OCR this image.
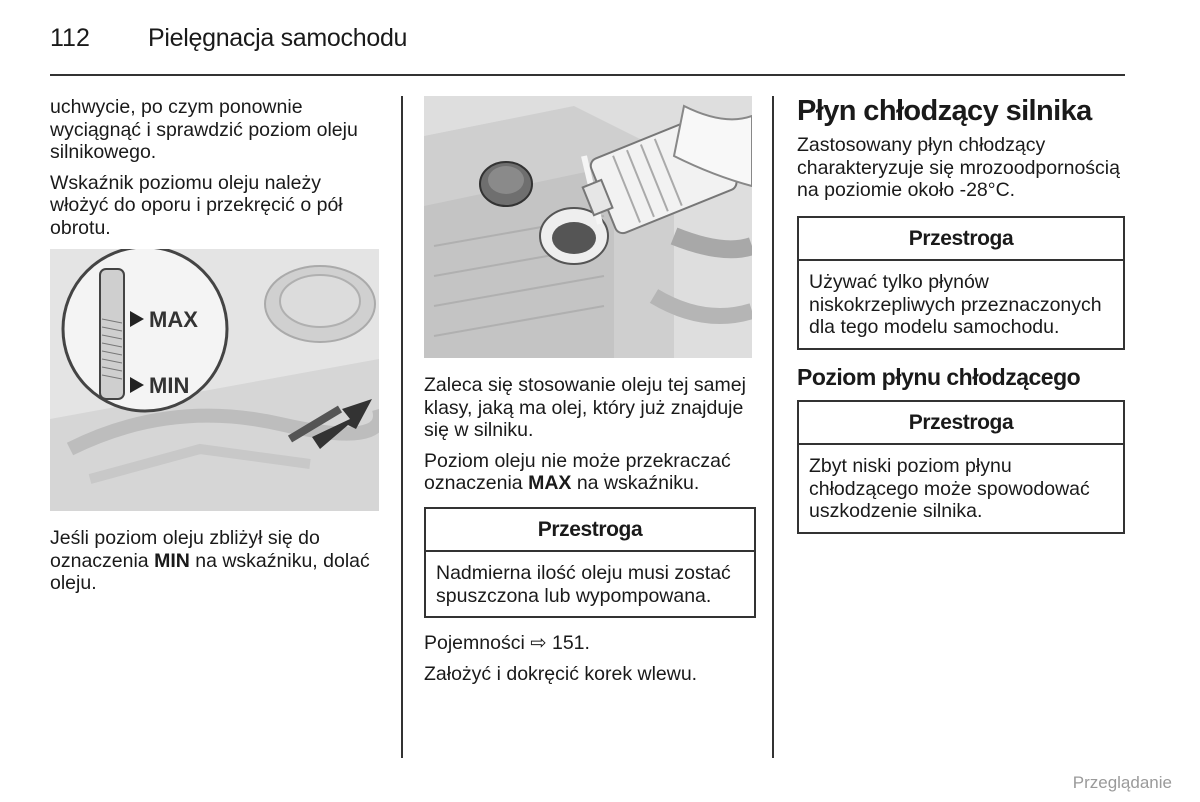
112 Pielęgnacja samochodu

uchwycie, po czym ponownie wyciągnąć i sprawdzić poziom oleju silnikowego.

Wskaźnik poziomu oleju należy włożyć do oporu i przekręcić o pół obrotu.

MAX
MIN

Jeśli poziom oleju zbliżył się do oznaczenia MIN na wskaźniku, dolać oleju.

Zaleca się stosowanie oleju tej samej klasy, jaką ma olej, który już znajduje się w silniku.

Poziom oleju nie może przekraczać oznaczenia MAX na wskaźniku.

Przestroga
Nadmierna ilość oleju musi zostać spuszczona lub wypompowana.

Pojemności ⇨ 151.

Założyć i dokręcić korek wlewu.

Płyn chłodzący silnika

Zastosowany płyn chłodzący charakteryzuje się mrozoodpornością na poziomie około -28°C.

Przestroga
Używać tylko płynów niskokrzepliwych przeznaczonych dla tego modelu samochodu.
Poziom płynu chłodzącego
Przestroga
Zbyt niski poziom płynu chłodzącego może spowodować uszkodzenie silnika.
Przeglądanie
